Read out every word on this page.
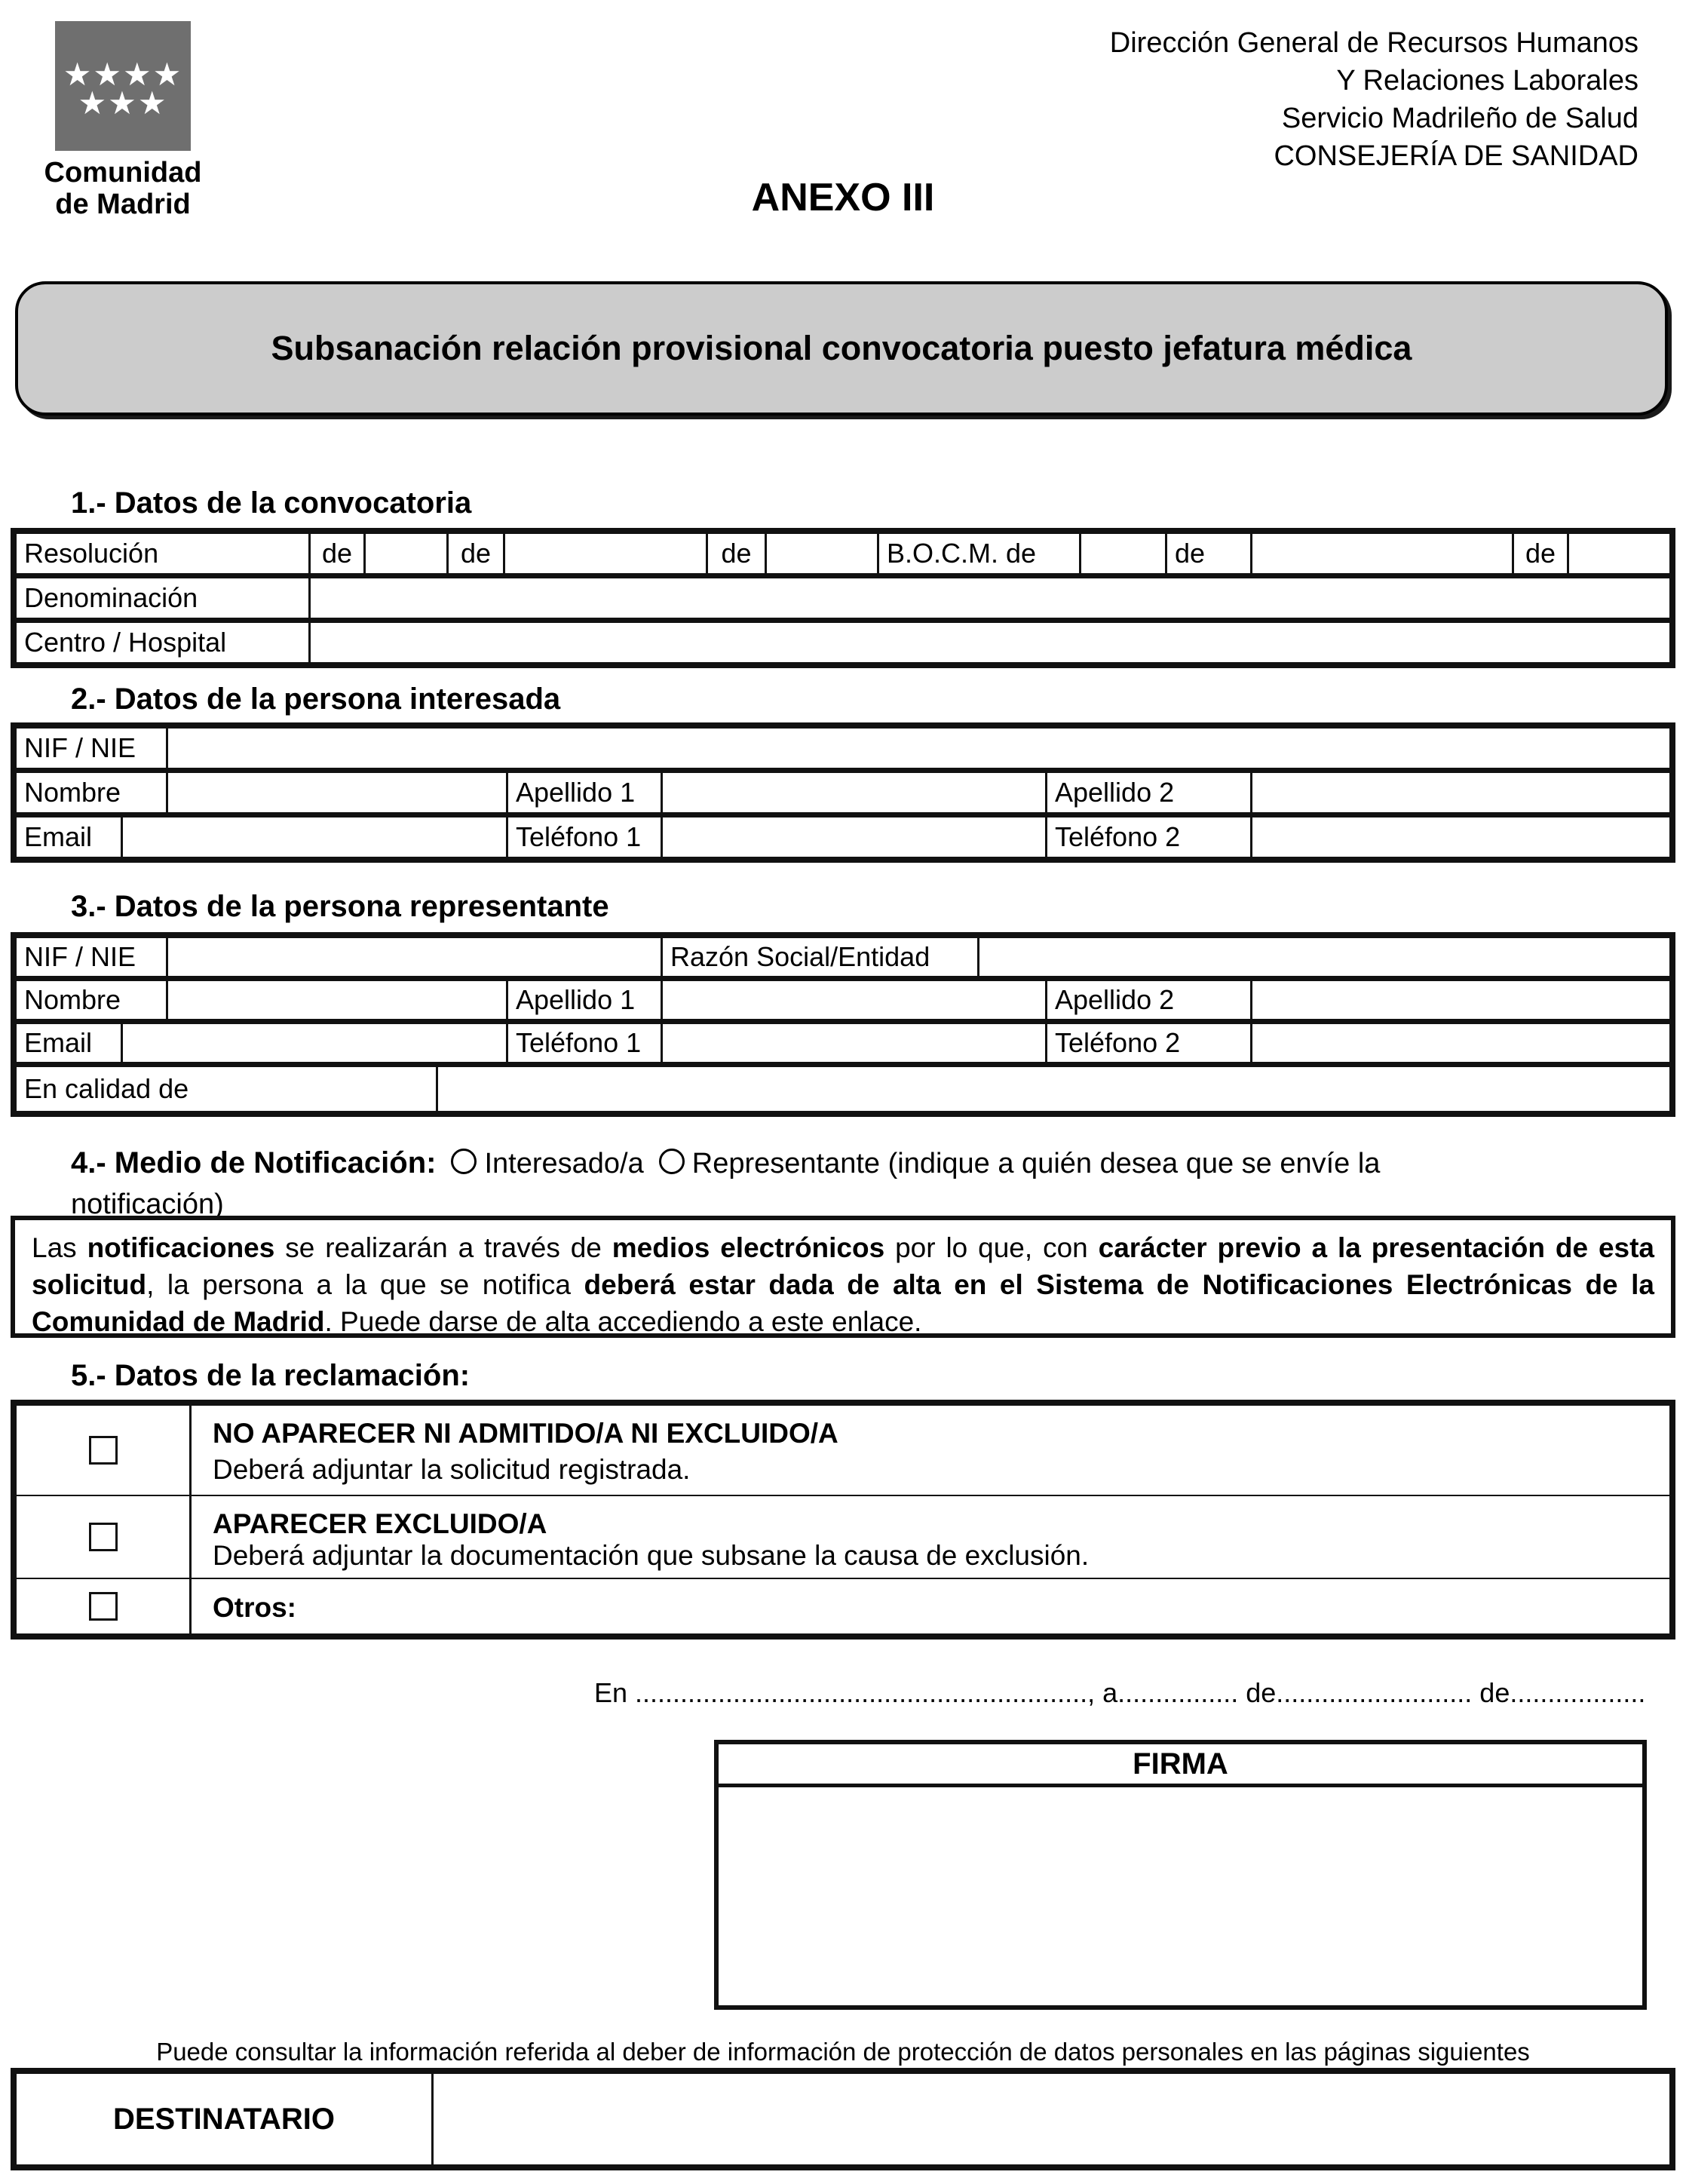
★★★★
★★★
Comunidad
de Madrid
Dirección General de Recursos Humanos
Y Relaciones Laborales
Servicio Madrileño de Salud
CONSEJERÍA DE SANIDAD
ANEXO III
Subsanación relación provisional convocatoria puesto jefatura médica
1.- Datos de la convocatoria
Resolución	de	de	de	B.O.C.M. de	de	de
Denominación
Centro / Hospital
2.- Datos de la persona interesada
NIF / NIE
Nombre	Apellido 1	Apellido 2
Email	Teléfono 1	Teléfono 2
3.- Datos de la persona representante
NIF / NIE	Razón Social/Entidad
Nombre	Apellido 1	Apellido 2
Email	Teléfono 1	Teléfono 2
En calidad de
4.- Medio de Notificación: Interesado/a Representante (indique a quién desea que se envíe la
notificación)
Las notificaciones se realizarán a través de medios electrónicos por lo que, con carácter previo a la presentación de esta solicitud, la persona a la que se notifica deberá estar dada de alta en el Sistema de Notificaciones Electrónicas de la Comunidad de Madrid. Puede darse de alta accediendo a este enlace.
5.- Datos de la reclamación:
NO APARECER NI ADMITIDO/A NI EXCLUIDO/A
Deberá adjuntar la solicitud registrada.
APARECER EXCLUIDO/A
Deberá adjuntar la documentación que subsane la causa de exclusión.
Otros:
En ............................................................, a................ de.......................... de..................
FIRMA
Puede consultar la información referida al deber de información de protección de datos personales en las páginas siguientes
DESTINATARIO
